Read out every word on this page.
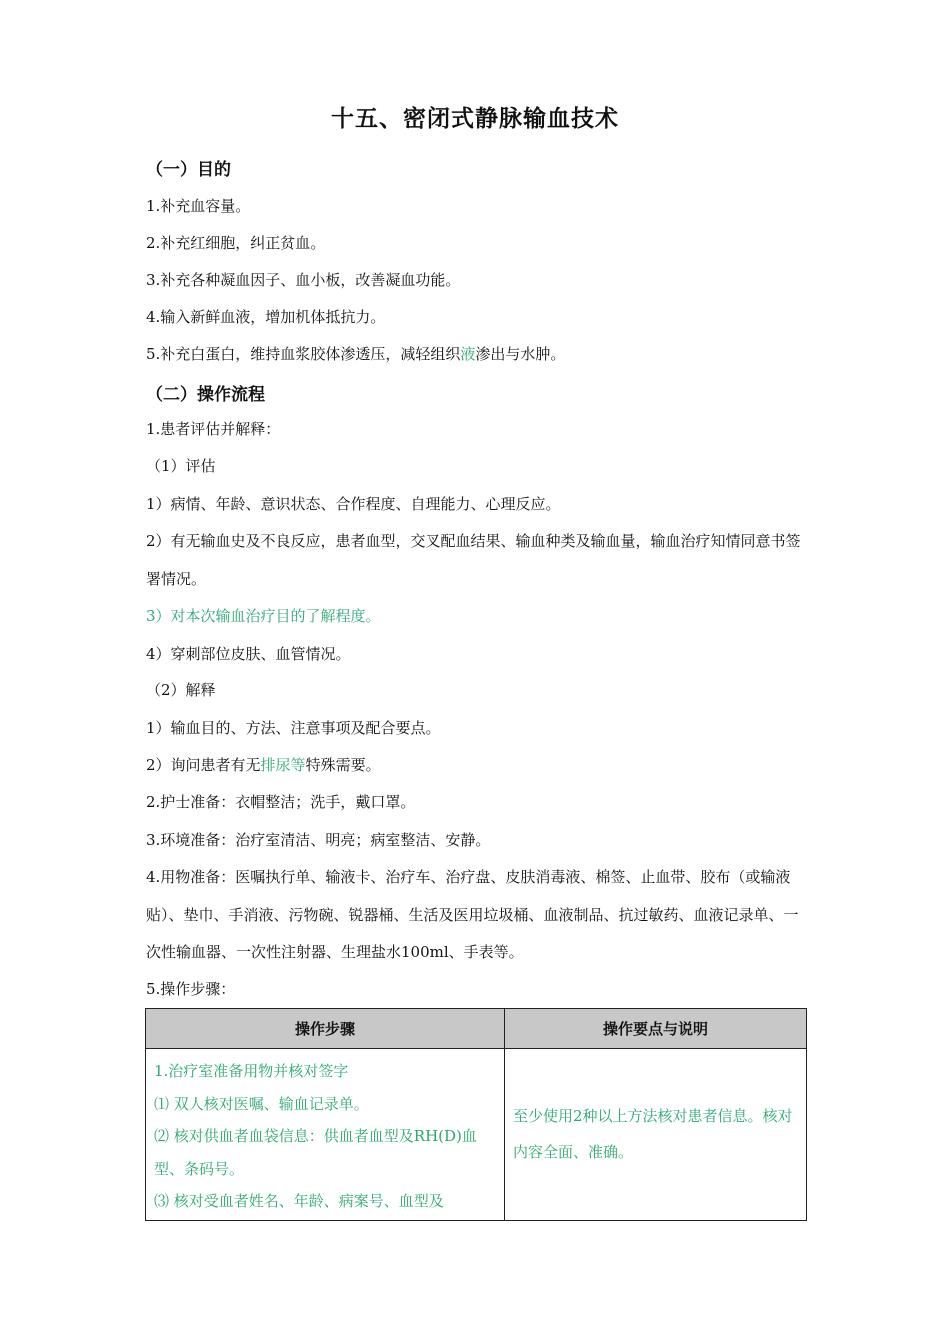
十五、密闭式静脉输血技术
（一）目的
1.补充血容量。
2.补充红细胞，纠正贫血。
3.补充各种凝血因子、血小板，改善凝血功能。
4.输入新鲜血液，增加机体抵抗力。
5.补充白蛋白，维持血浆胶体渗透压，减轻组织液渗出与水肿。
（二）操作流程
1.患者评估并解释：
（1）评估
1）病情、年龄、意识状态、合作程度、自理能力、心理反应。
2）有无输血史及不良反应，患者血型，交叉配血结果、输血种类及输血量，输血治疗知情同意书签署情况。
3）对本次输血治疗目的了解程度。
4）穿刺部位皮肤、血管情况。
（2）解释
1）输血目的、方法、注意事项及配合要点。
2）询问患者有无排尿等特殊需要。
2.护士准备：衣帽整洁；洗手，戴口罩。
3.环境准备：治疗室清洁、明亮；病室整洁、安静。
4.用物准备：医嘱执行单、输液卡、治疗车、治疗盘、皮肤消毒液、棉签、止血带、胶布（或输液贴）、垫巾、手消液、污物碗、锐器桶、生活及医用垃圾桶、血液制品、抗过敏药、血液记录单、一次性输血器、一次性注射器、生理盐水100ml、手表等。
5.操作步骤：
操作步骤	操作要点与说明

1.治疗室准备用物并核对签字
⑴ 双人核对医嘱、输血记录单。
⑵ 核对供血者血袋信息：供血者血型及RH(D)血型、条码号。
⑶ 核对受血者姓名、年龄、病案号、血型及	至少使用2种以上方法核对患者信息。核对内容全面、准确。
